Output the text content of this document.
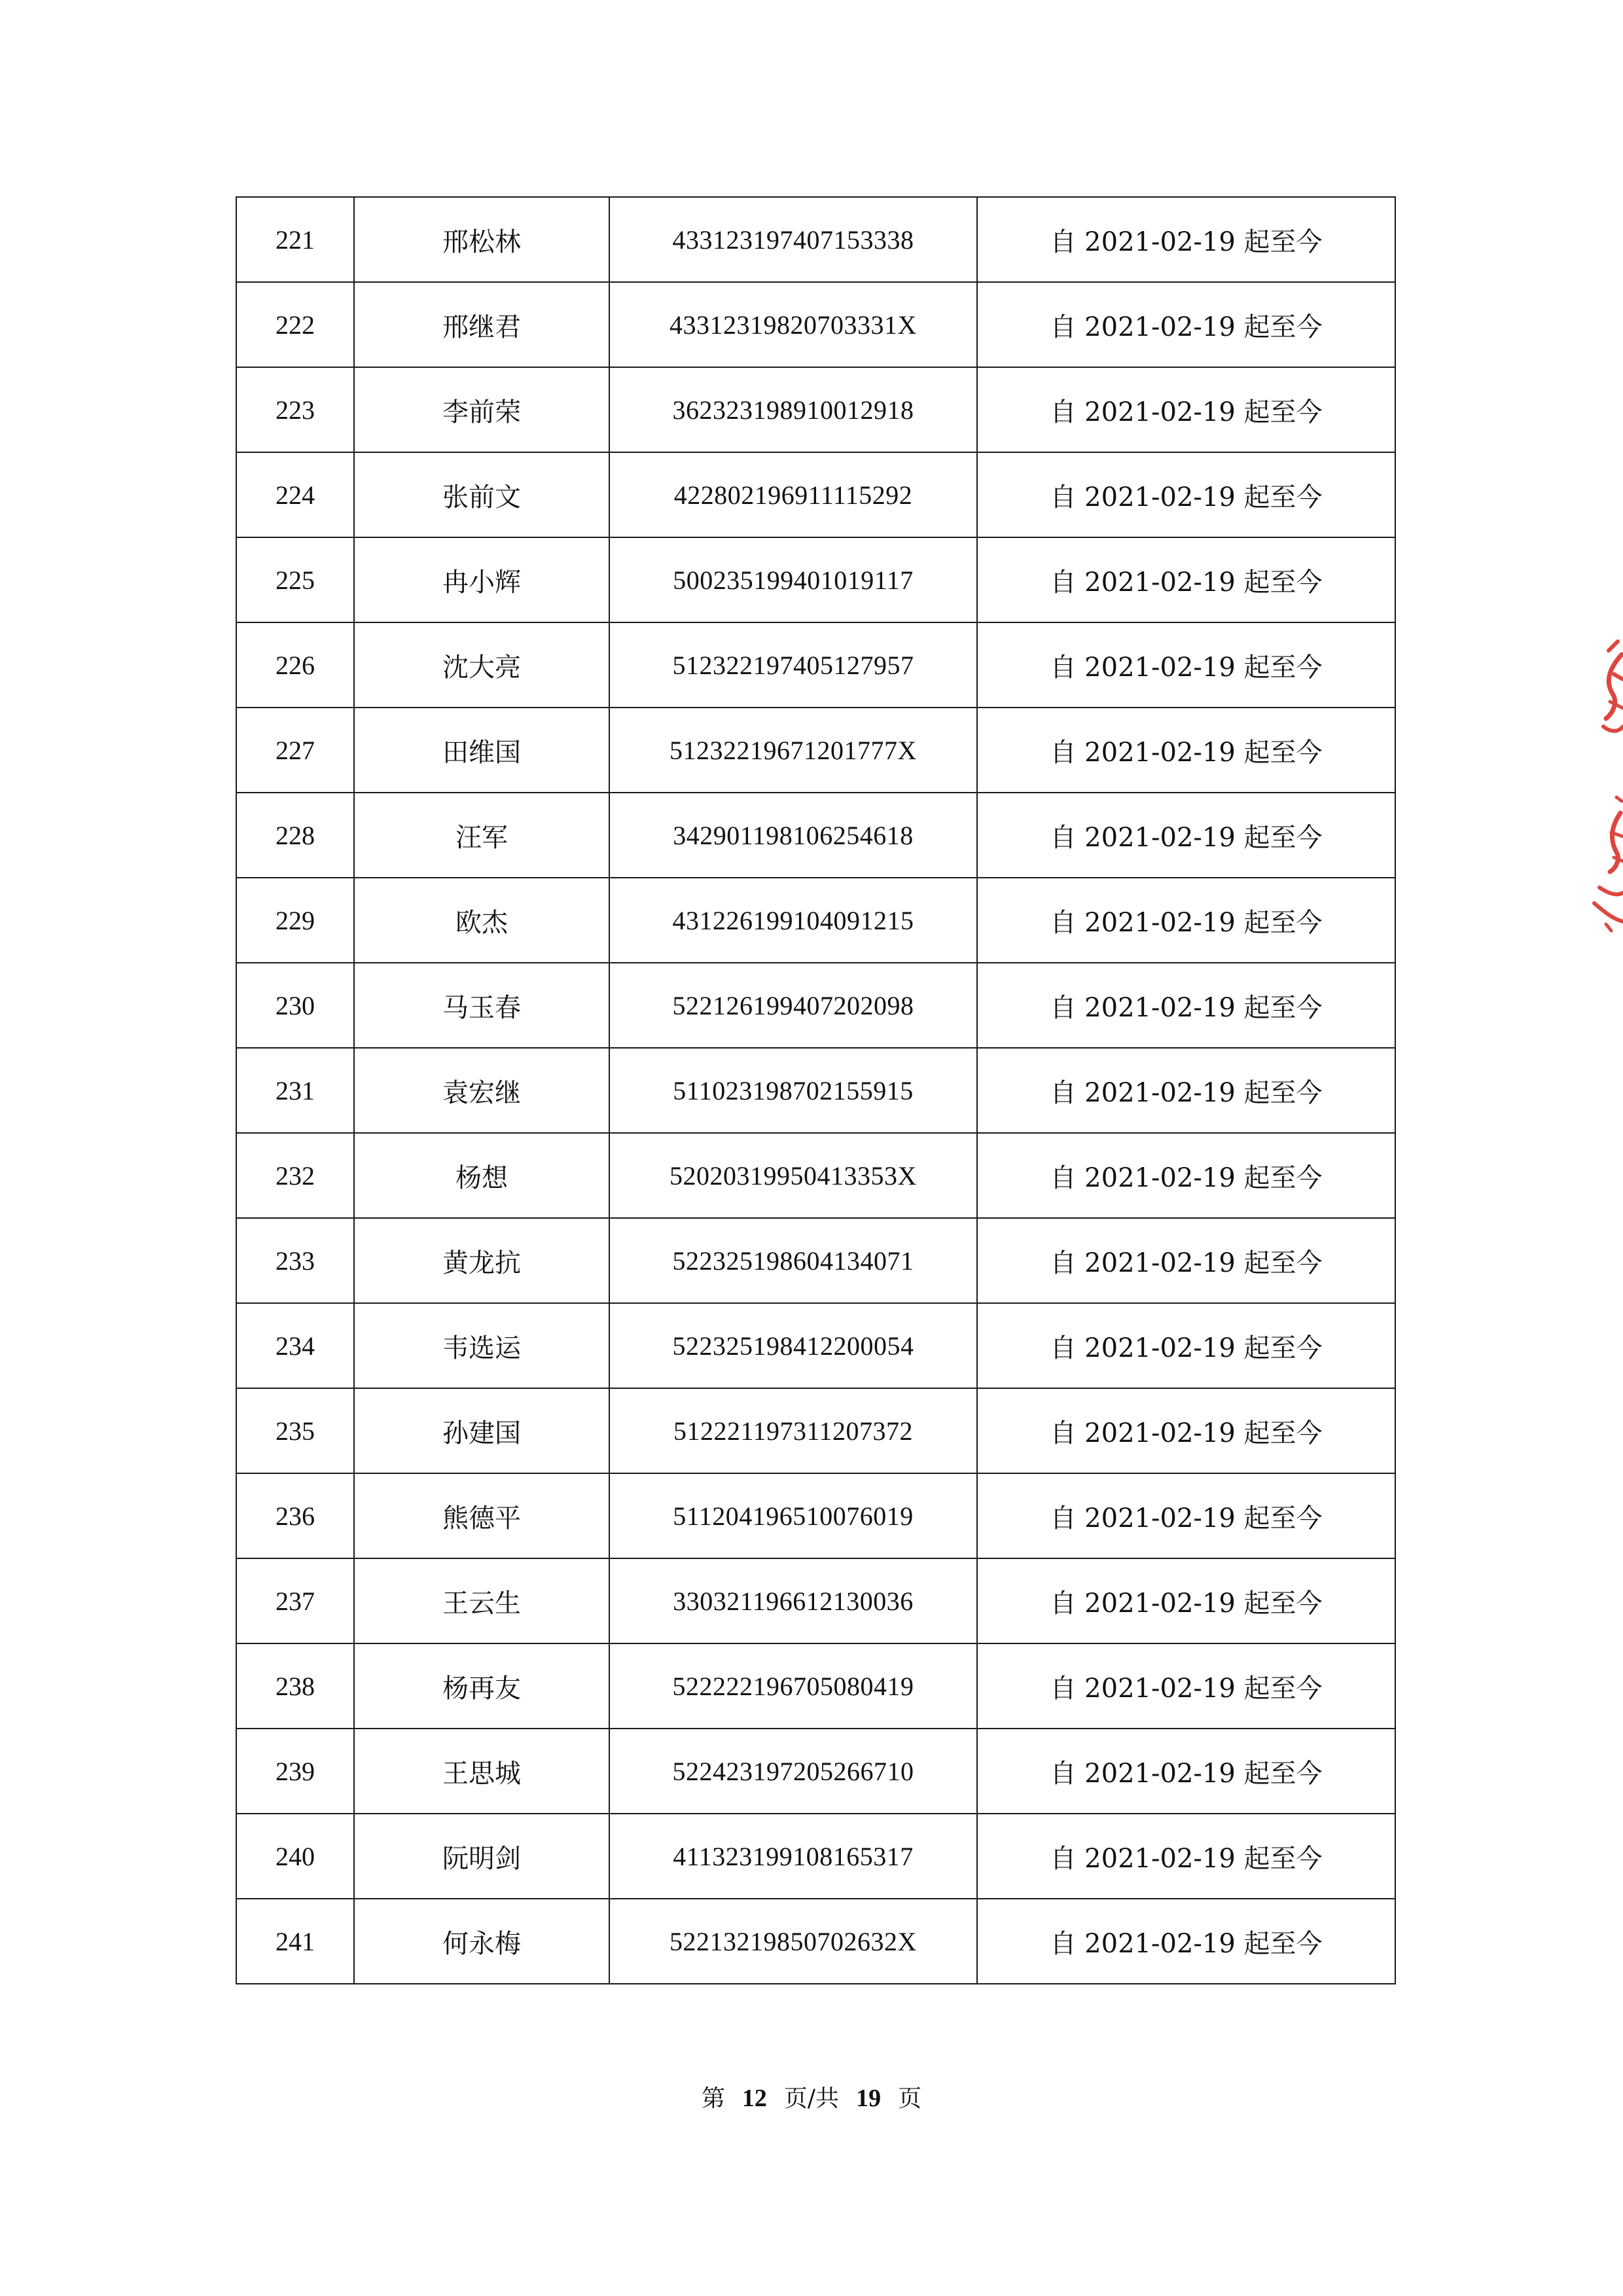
221	邢松林	433123197407153338	自 2021-02-19 起至今
222	邢继君	43312319820703331X	自 2021-02-19 起至今
223	李前荣	362323198910012918	自 2021-02-19 起至今
224	张前文	422802196911115292	自 2021-02-19 起至今
225	冉小辉	500235199401019117	自 2021-02-19 起至今
226	沈大亮	512322197405127957	自 2021-02-19 起至今
227	田维国	51232219671201777X	自 2021-02-19 起至今
228	汪军	342901198106254618	自 2021-02-19 起至今
229	欧杰	431226199104091215	自 2021-02-19 起至今
230	马玉春	522126199407202098	自 2021-02-19 起至今
231	袁宏继	511023198702155915	自 2021-02-19 起至今
232	杨想	52020319950413353X	自 2021-02-19 起至今
233	黄龙抗	522325198604134071	自 2021-02-19 起至今
234	韦选运	522325198412200054	自 2021-02-19 起至今
235	孙建国	512221197311207372	自 2021-02-19 起至今
236	熊德平	511204196510076019	自 2021-02-19 起至今
237	王云生	330321196612130036	自 2021-02-19 起至今
238	杨再友	522222196705080419	自 2021-02-19 起至今
239	王思城	522423197205266710	自 2021-02-19 起至今
240	阮明剑	411323199108165317	自 2021-02-19 起至今
241	何永梅	52213219850702632X	自 2021-02-19 起至今
第 12 页/共 19 页
